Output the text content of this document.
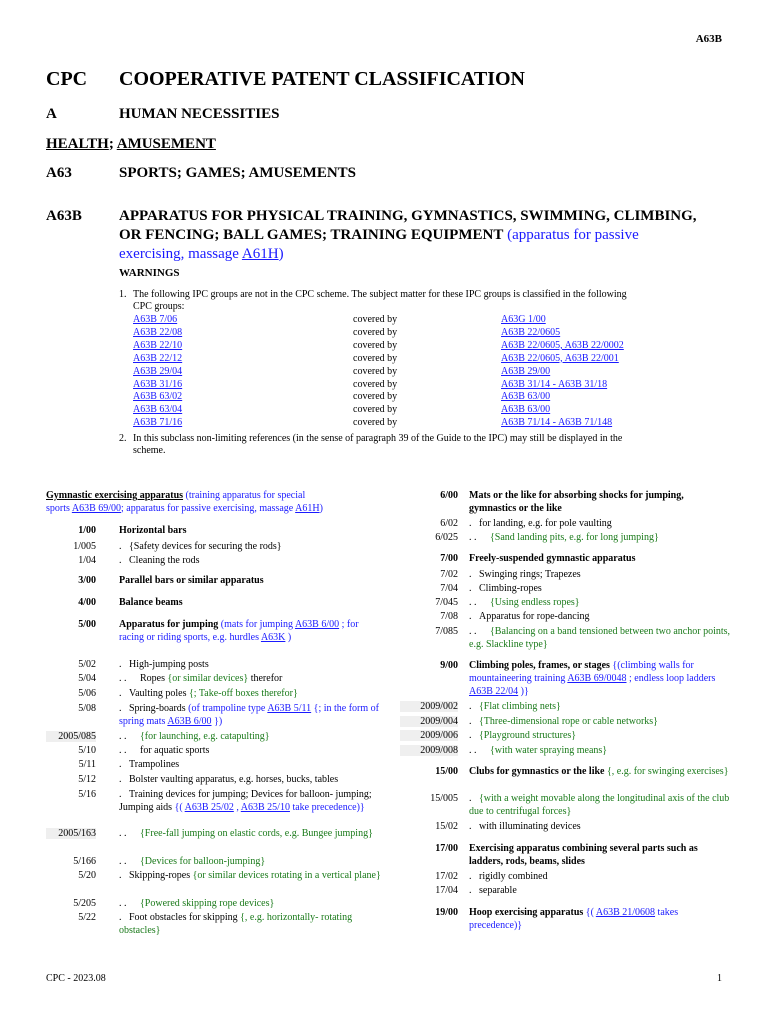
A63B
CPC COOPERATIVE PATENT CLASSIFICATION
A	HUMAN NECESSITIES
HEALTH; AMUSEMENT
A63	SPORTS; GAMES; AMUSEMENTS
A63B APPARATUS FOR PHYSICAL TRAINING, GYMNASTICS, SWIMMING, CLIMBING,
OR FENCING; BALL GAMES; TRAINING EQUIPMENT (apparatus for passive
exercising, massage A61H)
WARNINGS
1. The following IPC groups are not in the CPC scheme. The subject matter for these IPC groups is classified in the following
CPC groups:
A63B 7/06	covered by	A63G 1/00
A63B 22/08	covered by	A63B 22/0605
A63B 22/10	covered by	A63B 22/0605, A63B 22/0002
A63B 22/12	covered by	A63B 22/0605, A63B 22/001
A63B 29/04	covered by	A63B 29/00
A63B 31/16	covered by	A63B 31/14 - A63B 31/18
A63B 63/02	covered by	A63B 63/00
A63B 63/04	covered by	A63B 63/00
A63B 71/16	covered by	A63B 71/14 - A63B 71/148
2. In this subclass non-limiting references (in the sense of paragraph 39 of the Guide to the IPC) may still be displayed in the
scheme.
Gymnastic exercising apparatus (training apparatus for special
sports A63B 69/00; apparatus for passive exercising, massage A61H)
1/00 Horizontal bars
1/005 . {Safety devices for securing the rods}
1/04 . Cleaning the rods
3/00 Parallel bars or similar apparatus
4/00 Balance beams
5/00 Apparatus for jumping (mats for jumping A63B 6/00 ; for racing or riding sports, e.g. hurdles A63K )
5/02 . High-jumping posts
5/04 . . Ropes {or similar devices} therefor
5/06 . Vaulting poles {; Take-off boxes therefor}
5/08 . Spring-boards (of trampoline type A63B 5/11 {; in the form of spring mats A63B 6/00 })
2005/085 . . {for launching, e.g. catapulting}
5/10 . . for aquatic sports
5/11 . Trampolines
5/12 . Bolster vaulting apparatus, e.g. horses, bucks, tables
5/16 . Training devices for jumping; Devices for balloon- jumping; Jumping aids {( A63B 25/02 , A63B 25/10 take precedence)}
2005/163 . . {Free-fall jumping on elastic cords, e.g. Bungee jumping}
5/166 . . {Devices for balloon-jumping}
5/20 . Skipping-ropes {or similar devices rotating in a vertical plane}
5/205 . . {Powered skipping rope devices}
5/22 . Foot obstacles for skipping {, e.g. horizontally- rotating obstacles}
6/00 Mats or the like for absorbing shocks for jumping, gymnastics or the like
6/02 . for landing, e.g. for pole vaulting
6/025 . . {Sand landing pits, e.g. for long jumping}
7/00 Freely-suspended gymnastic apparatus
7/02 . Swinging rings; Trapezes
7/04 . Climbing-ropes
7/045 . . {Using endless ropes}
7/08 . Apparatus for rope-dancing
7/085 . . {Balancing on a band tensioned between two anchor points, e.g. Slackline type}
9/00 Climbing poles, frames, or stages {(climbing walls for mountaineering training A63B 69/0048 ; endless loop ladders A63B 22/04 )}
2009/002 . {Flat climbing nets}
2009/004 . {Three-dimensional rope or cable networks}
2009/006 . {Playground structures}
2009/008 . . {with water spraying means}
15/00 Clubs for gymnastics or the like {, e.g. for swinging exercises}
15/005 . {with a weight movable along the longitudinal axis of the club due to centrifugal forces}
15/02 . with illuminating devices
17/00 Exercising apparatus combining several parts such as ladders, rods, beams, slides
17/02 . rigidly combined
17/04 . separable
19/00 Hoop exercising apparatus {( A63B 21/0608 takes precedence)}
CPC - 2023.08	1
